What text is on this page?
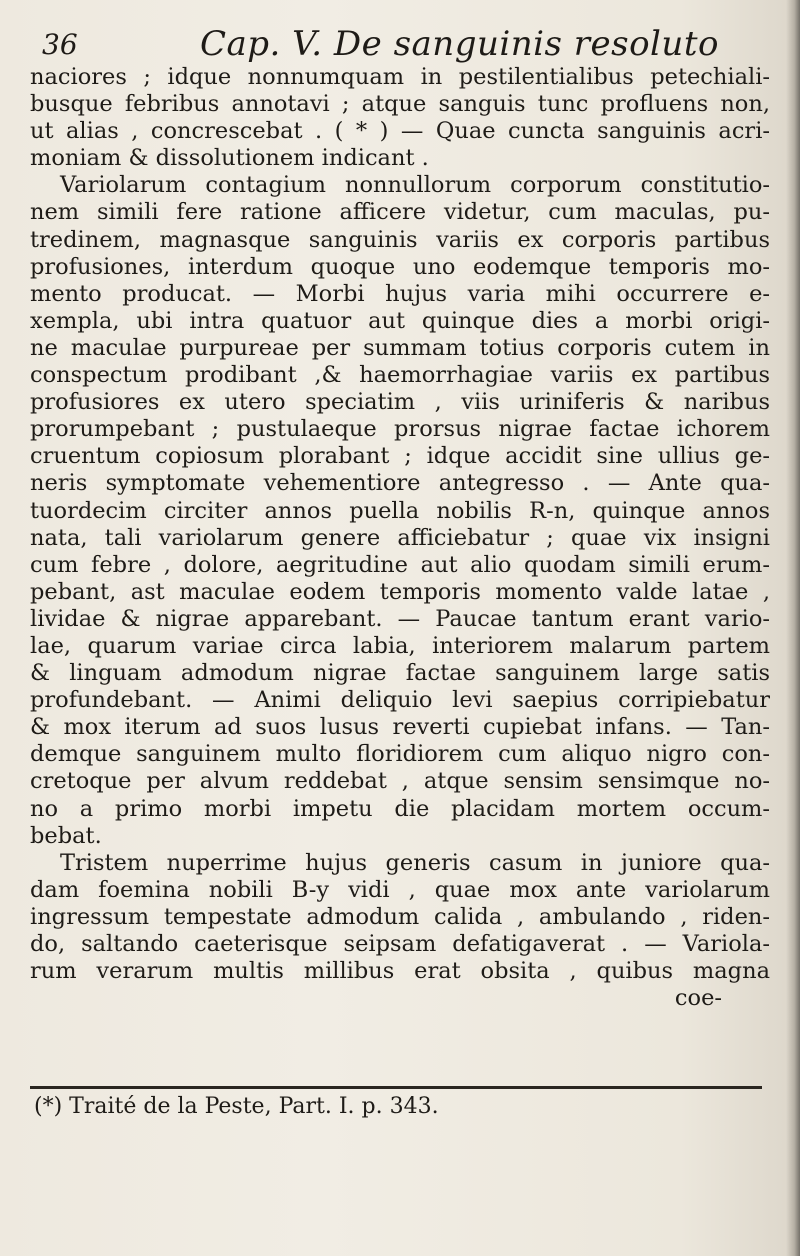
36	Cap. V. De sanguinis resoluto
naciores ; idque nonnumquam in pestilentialibus petechiali-
busque febribus annotavi ; atque sanguis tunc profluens non,
ut alias , concrescebat . ( * ) — Quae cuncta sanguinis acri-
moniam & dissolutionem indicant .
Variolarum contagium nonnullorum corporum constitutio-
nem simili fere ratione afficere videtur, cum maculas, pu-
tredinem, magnasque sanguinis variis ex corporis partibus
profusiones, interdum quoque uno eodemque temporis mo-
mento producat. — Morbi hujus varia mihi occurrere e-
xempla, ubi intra quatuor aut quinque dies a morbi origi-
ne maculae purpureae per summam totius corporis cutem in
conspectum prodibant ,& haemorrhagiae variis ex partibus
profusiores ex utero speciatim , viis uriniferis & naribus
prorumpebant ; pustulaeque prorsus nigrae factae ichorem
cruentum copiosum plorabant ; idque accidit sine ullius ge-
neris symptomate vehementiore antegresso . — Ante qua-
tuordecim circiter annos puella nobilis R-n, quinque annos
nata, tali variolarum genere afficiebatur ; quae vix insigni
cum febre , dolore, aegritudine aut alio quodam simili erum-
pebant, ast maculae eodem temporis momento valde latae ,
lividae & nigrae apparebant. — Paucae tantum erant vario-
lae, quarum variae circa labia, interiorem malarum partem
& linguam admodum nigrae factae sanguinem large satis
profundebant. — Animi deliquio levi saepius corripiebatur
& mox iterum ad suos lusus reverti cupiebat infans. — Tan-
demque sanguinem multo floridiorem cum aliquo nigro con-
cretoque per alvum reddebat , atque sensim sensimque no-
no a primo morbi impetu die placidam mortem occum-
bebat.
Tristem nuperrime hujus generis casum in juniore qua-
dam foemina nobili B-y vidi , quae mox ante variolarum
ingressum tempestate admodum calida , ambulando , riden-
do, saltando caeterisque seipsam defatigaverat . — Variola-
rum verarum multis millibus erat obsita , quibus magna
coe-
(*) Traité de la Peste, Part. I. p. 343.
